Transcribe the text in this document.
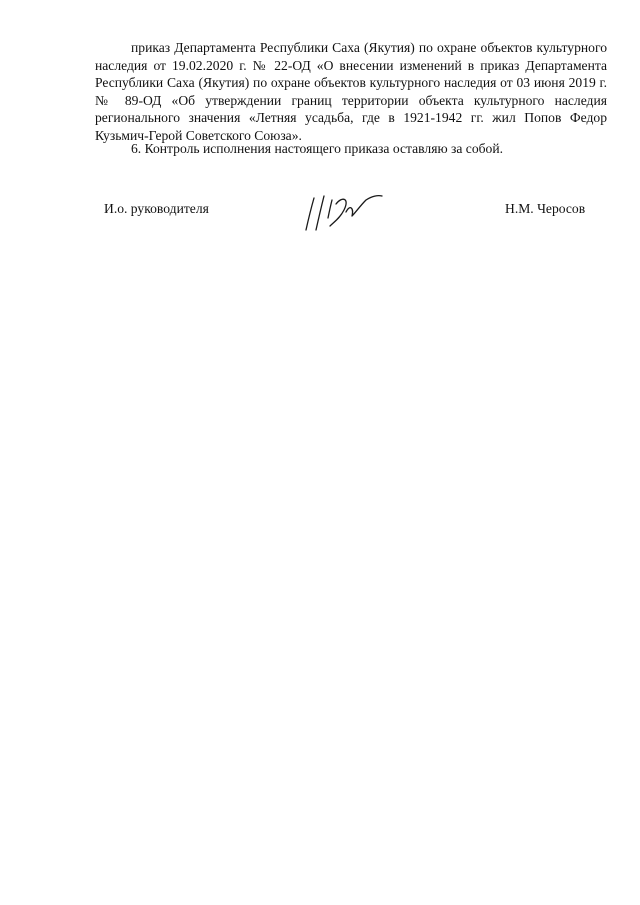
приказ Департамента Республики Саха (Якутия) по охране объектов культурного наследия от 19.02.2020 г. № 22-ОД «О внесении изменений в приказ Департамента Республики Саха (Якутия) по охране объектов культурного наследия от 03 июня 2019 г. № 89-ОД «Об утверждении границ территории объекта культурного наследия регионального значения «Летняя усадьба, где в 1921-1942 гг. жил Попов Федор Кузьмич-Герой Советского Союза».
6. Контроль исполнения настоящего приказа оставляю за собой.
И.о. руководителя	Н.М. Черосов
